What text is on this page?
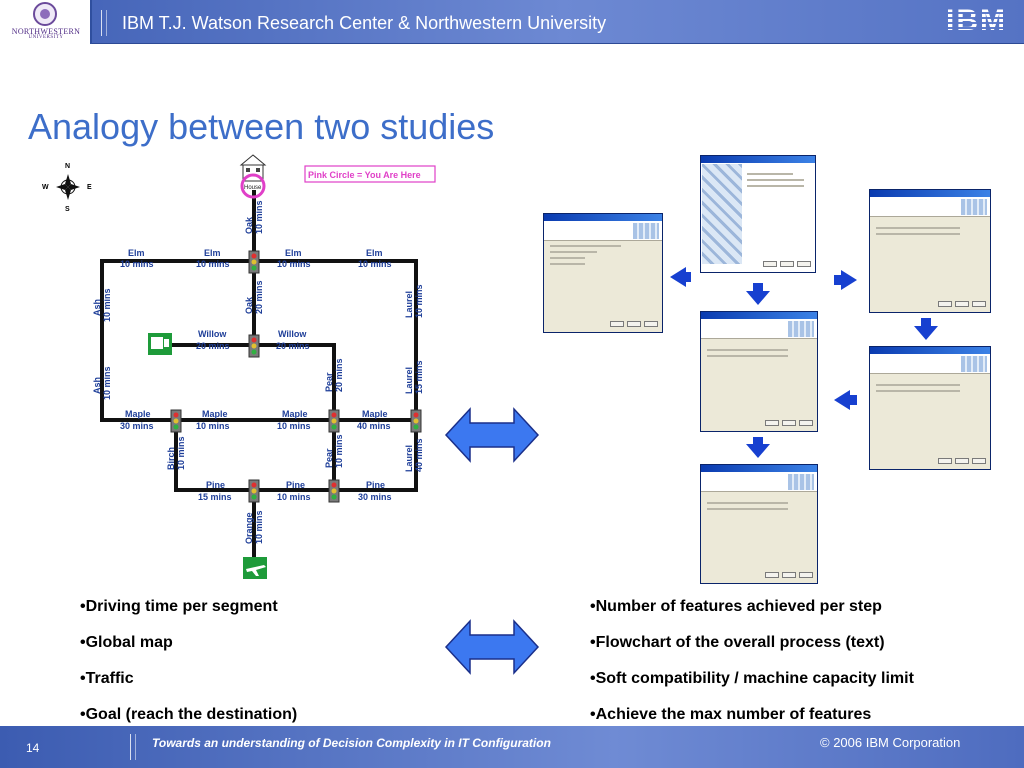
NORTHWESTERN
UNIVERSITY
IBM T.J. Watson Research Center & Northwestern University	IBM
Analogy between two studies
N
S
E
W
Pink Circle = You Are Here
House
Oak 10 mins
Elm
10 mins
Elm
10 mins
Elm
10 mins
Elm
10 mins
Ash 10 mins	Oak 20 mins	Laurel 10 mins
Willow
20 mins
Willow
20 mins
Ash 10 mins	Pear 20 mins	Laurel 15 mins
Maple
30 mins
Maple
10 mins
Maple
10 mins
Maple
40 mins
Birch 10 mins	Pear 10 mins	Laurel 40 mins
Pine
15 mins
Pine
10 mins
Pine
30 mins
Orange 10 mins
• Driving time per segment
• Global map
• Traffic
• Goal (reach the destination)
• Number of features achieved per step
• Flowchart of the overall process (text)
• Soft compatibility / machine capacity limit
• Achieve the max number of features
14	Towards an understanding of Decision Complexity in IT Configuration	© 2006 IBM Corporation
